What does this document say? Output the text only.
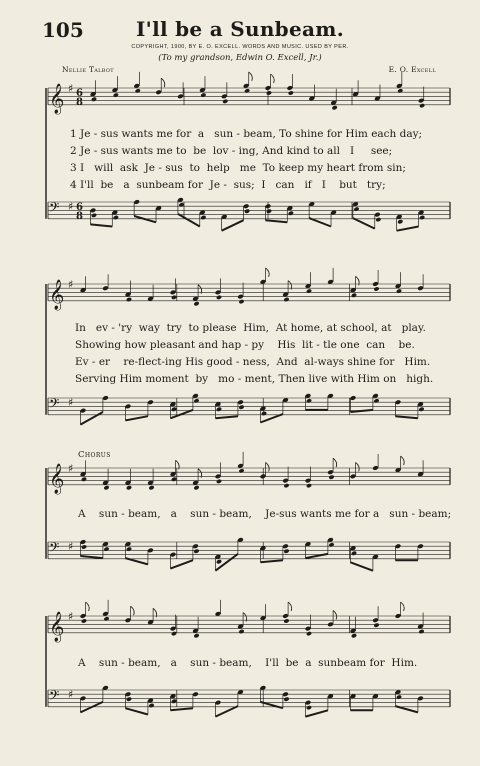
105	I'll be a Sunbeam.
COPYRIGHT, 1900, BY E. O. EXCELL. WORDS AND MUSIC. USED BY PER.
(To my grandson, Edwin O. Excell, Jr.)
Nellie Talbot	E. O. Excell
𝄞 ♯ 6
8
𝄢 ♯ 6
8
𝄞 ♯
𝄢 ♯
𝄞 ♯
𝄢 ♯
𝄞 ♯
𝄢 ♯
1 Je - sus wants me for  a   sun - beam, To shine for Him each day;
2 Je - sus wants me to  be  lov - ing, And kind to all   I     see;
3 I   will  ask  Je - sus  to  help   me  To keep my heart from sin;
4 I'll  be   a  sunbeam for  Je -  sus;  I   can   if   I    but   try;
In   ev - 'ry  way  try  to please  Him,  At home, at school, at   play.
Showing how pleasant and hap - py    His  lit - tle one  can    be.
Ev - er    re-flect-ing His good - ness,  And  al-ways shine for   Him.
Serving Him moment  by   mo - ment, Then live with Him on   high.
Chorus
A    sun - beam,   a    sun - beam,    Je-sus wants me for a   sun - beam;
A    sun - beam,   a    sun - beam,    I'll  be  a  sunbeam for  Him.
